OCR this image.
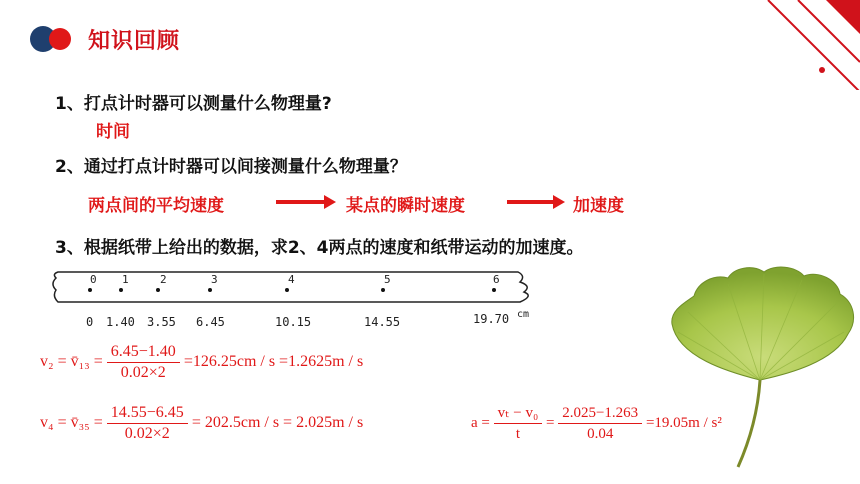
知识回顾
1、打点计时器可以测量什么物理量?
时间
2、通过打点计时器可以间接测量什么物理量？
两点间的平均速度	某点的瞬时速度	加速度
3、根据纸带上给出的数据，求2、4两点的速度和纸带运动的加速度。
0 1	2	3	4	5	6
0 1.40 3.55 6.45	10.15	14.55	19.70 cm
v₂ = v̄₁₃ = $\frac{6.45-1.40}{0.02\times 2} =126.25cm / s =1.2625m / s$
v₄ = v̄₃₅ = $\frac{14.55-6.45}{0.02\times 2} = 202.5cm / s = 2.025m / s$	$a = \frac{\text{vₜ − v₀}}{t} = \frac{2.025-1.263}{0.04} =19.05m / s^2$
